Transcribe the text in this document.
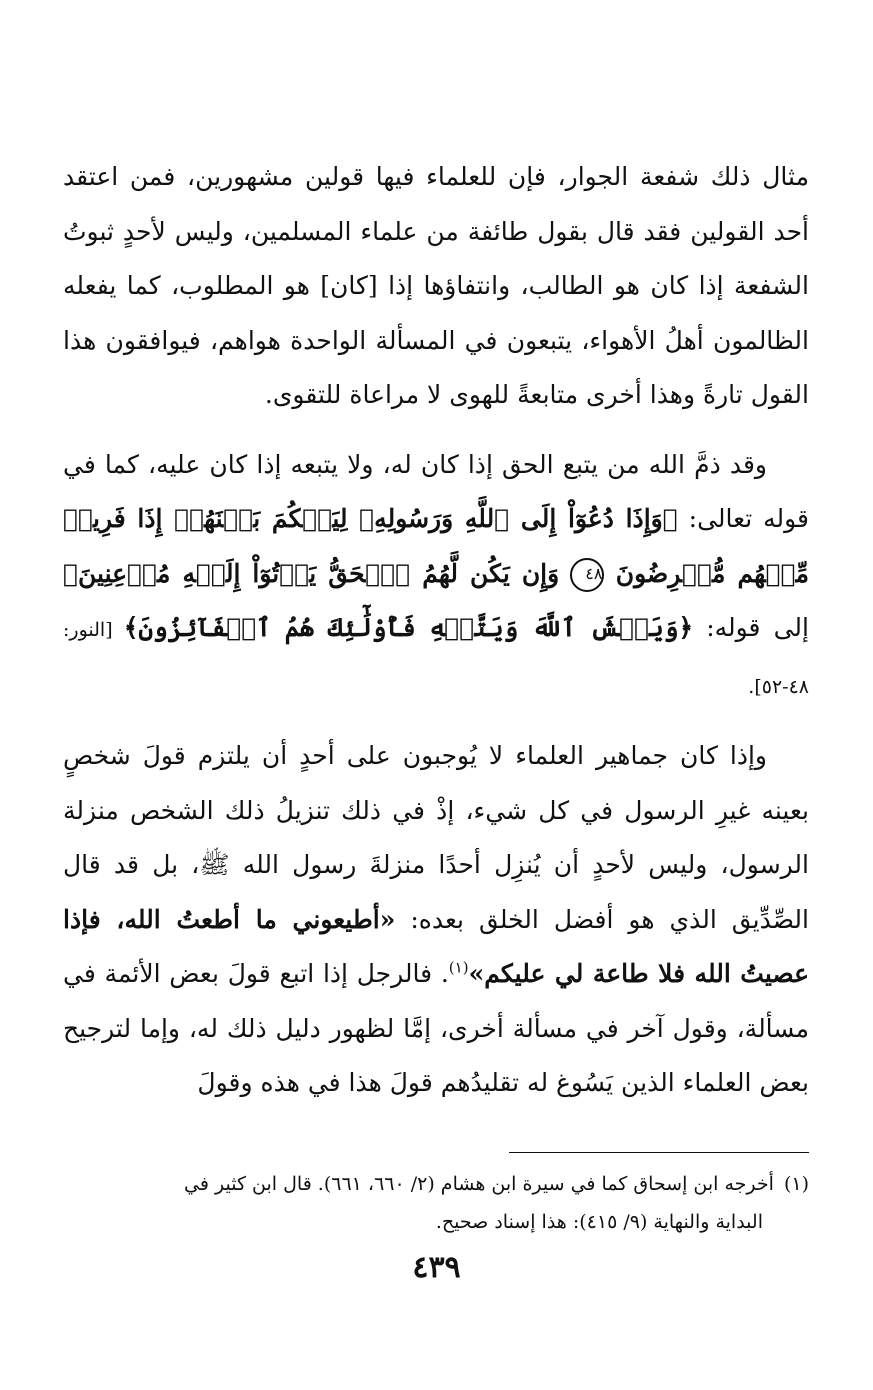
مثال ذلك شفعة الجوار، فإن للعلماء فيها قولين مشهورين، فمن اعتقد أحد القولين فقد قال بقول طائفة من علماء المسلمين، وليس لأحدٍ ثبوتُ الشفعة إذا كان هو الطالب، وانتفاؤها إذا [كان] هو المطلوب، كما يفعله الظالمون أهلُ الأهواء، يتبعون في المسألة الواحدة هواهم، فيوافقون هذا القول تارةً وهذا أخرى متابعةً للهوى لا مراعاة للتقوى.

وقد ذمَّ الله من يتبع الحق إذا كان له، ولا يتبعه إذا كان عليه، كما في قوله تعالى: ﴿وَإِذَا دُعُوٓاْ إِلَى ٱللَّهِ وَرَسُولِهِۦ لِيَحۡكُمَ بَيۡنَهُمۡ إِذَا فَرِيقٞ مِّنۡهُم مُّعۡرِضُونَ ٤٨ وَإِن يَكُن لَّهُمُ ٱلۡحَقُّ يَأۡتُوٓاْ إِلَيۡهِ مُذۡعِنِينَ﴾ إلى قوله: ﴿وَيَخۡشَ ٱللَّهَ وَيَتَّقۡهِ فَأُوْلَٰٓئِكَ هُمُ ٱلۡفَآئِزُونَ﴾ [النور: ٤٨-٥٢].

وإذا كان جماهير العلماء لا يُوجبون على أحدٍ أن يلتزم قولَ شخصٍ بعينه غيرِ الرسول في كل شيء، إذْ في ذلك تنزيلُ ذلك الشخص منزلة الرسول، وليس لأحدٍ أن يُنزِل أحدًا منزلةَ رسول الله ﷺ، بل قد قال الصِّدِّيق الذي هو أفضل الخلق بعده: «أطيعوني ما أطعتُ الله، فإذا عصيتُ الله فلا طاعة لي عليكم»$^{(١)}$. فالرجل إذا اتبع قولَ بعض الأئمة في مسألة، وقول آخر في مسألة أخرى، إمَّا لظهور دليل ذلك له، وإما لترجيح بعض العلماء الذين يَسُوغ له تقليدُهم قولَ هذا في هذه وقولَ

(١)أخرجه ابن إسحاق كما في سيرة ابن هشام (٢/ ٦٦٠، ٦٦١). قال ابن كثير في
البداية والنهاية (٩/ ٤١٥): هذا إسناد صحيح.
٤٣٩
